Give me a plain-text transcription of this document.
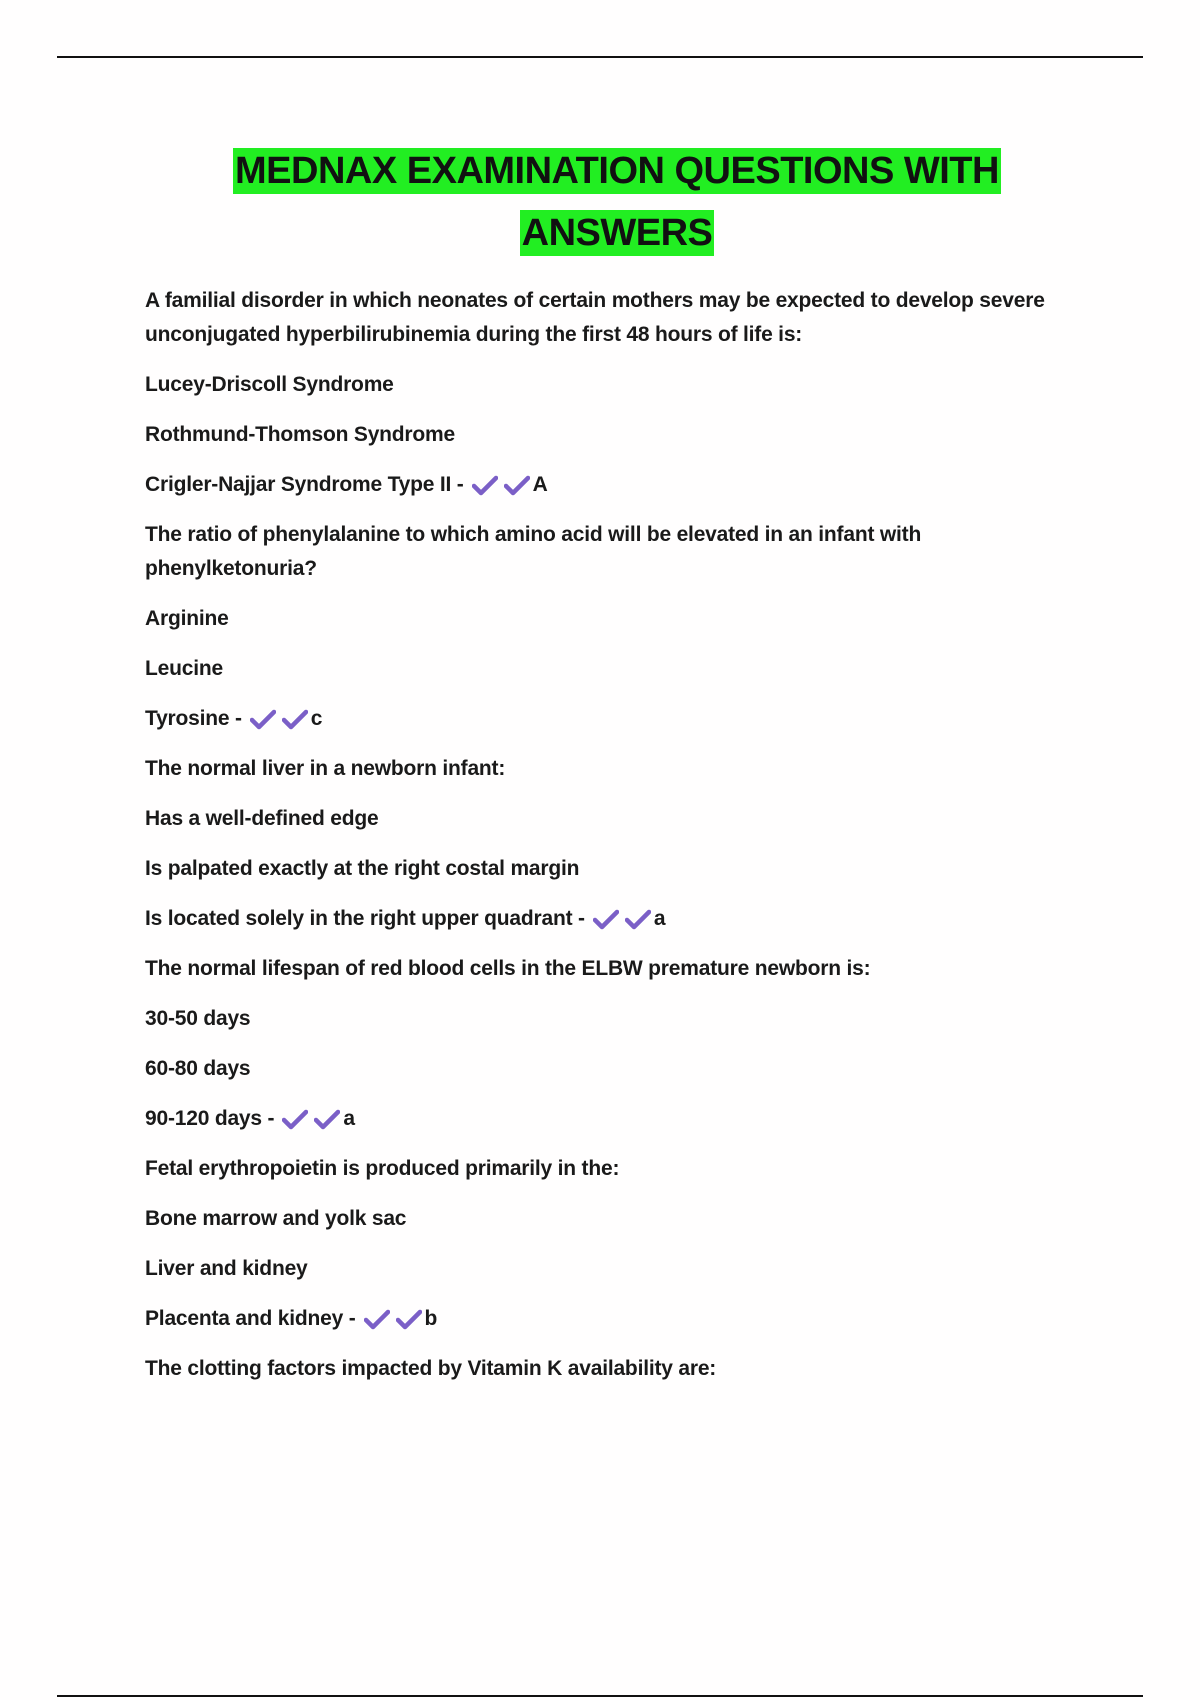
MEDNAX EXAMINATION QUESTIONS WITH
ANSWERS
A familial disorder in which neonates of certain mothers may be expected to develop severe unconjugated hyperbilirubinemia during the first 48 hours of life is:
Lucey-Driscoll Syndrome
Rothmund-Thomson Syndrome
Crigler-Najjar Syndrome Type II -	A
The ratio of phenylalanine to which amino acid will be elevated in an infant with phenylketonuria?
Arginine
Leucine
Tyrosine -	c
The normal liver in a newborn infant:
Has a well-defined edge
Is palpated exactly at the right costal margin
Is located solely in the right upper quadrant -	a
The normal lifespan of red blood cells in the ELBW premature newborn is:
30-50 days
60-80 days
90-120 days -	a
Fetal erythropoietin is produced primarily in the:
Bone marrow and yolk sac
Liver and kidney
Placenta and kidney -	b
The clotting factors impacted by Vitamin K availability are:
